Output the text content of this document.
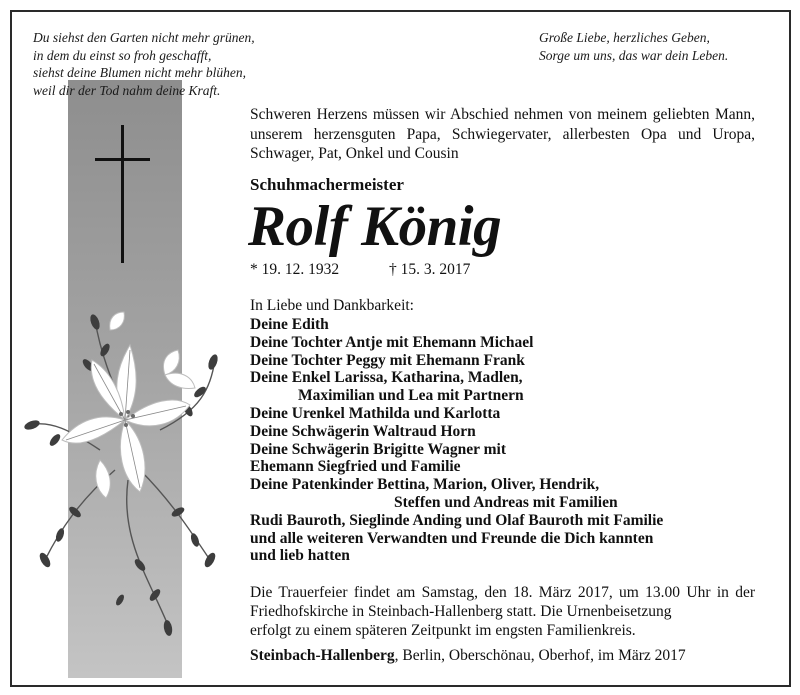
Du siehst den Garten nicht mehr grünen,
in dem du einst so froh geschafft,
siehst deine Blumen nicht mehr blühen,
weil dir der Tod nahm deine Kraft.
Große Liebe, herzliches Geben,
Sorge um uns, das war dein Leben.
Schweren Herzens müssen wir Abschied nehmen von meinem geliebten Mann, unserem herzensguten Papa, Schwiegervater, allerbesten Opa und Uropa, Schwager, Pat, Onkel und Cousin
Schuhmachermeister
Rolf König
* 19. 12. 1932	† 15. 3. 2017
In Liebe und Dankbarkeit:
Deine Edith
Deine Tochter Antje mit Ehemann Michael
Deine Tochter Peggy mit Ehemann Frank
Deine Enkel Larissa, Katharina, Madlen,
Maximilian und Lea mit Partnern
Deine Urenkel Mathilda und Karlotta
Deine Schwägerin Waltraud Horn
Deine Schwägerin Brigitte Wagner mit
Ehemann Siegfried und Familie
Deine Patenkinder Bettina, Marion, Oliver, Hendrik,
Steffen und Andreas mit Familien
Rudi Bauroth, Sieglinde Anding und Olaf Bauroth mit Familie
und alle weiteren Verwandten und Freunde die Dich kannten
und lieb hatten
Die Trauerfeier findet am Samstag, den 18. März 2017, um 13.00 Uhr in der Friedhofskirche in Steinbach-Hallenberg statt. Die Urnenbeisetzung
erfolgt zu einem späteren Zeitpunkt im engsten Familienkreis.
Steinbach-Hallenberg, Berlin, Oberschönau, Oberhof, im März 2017
